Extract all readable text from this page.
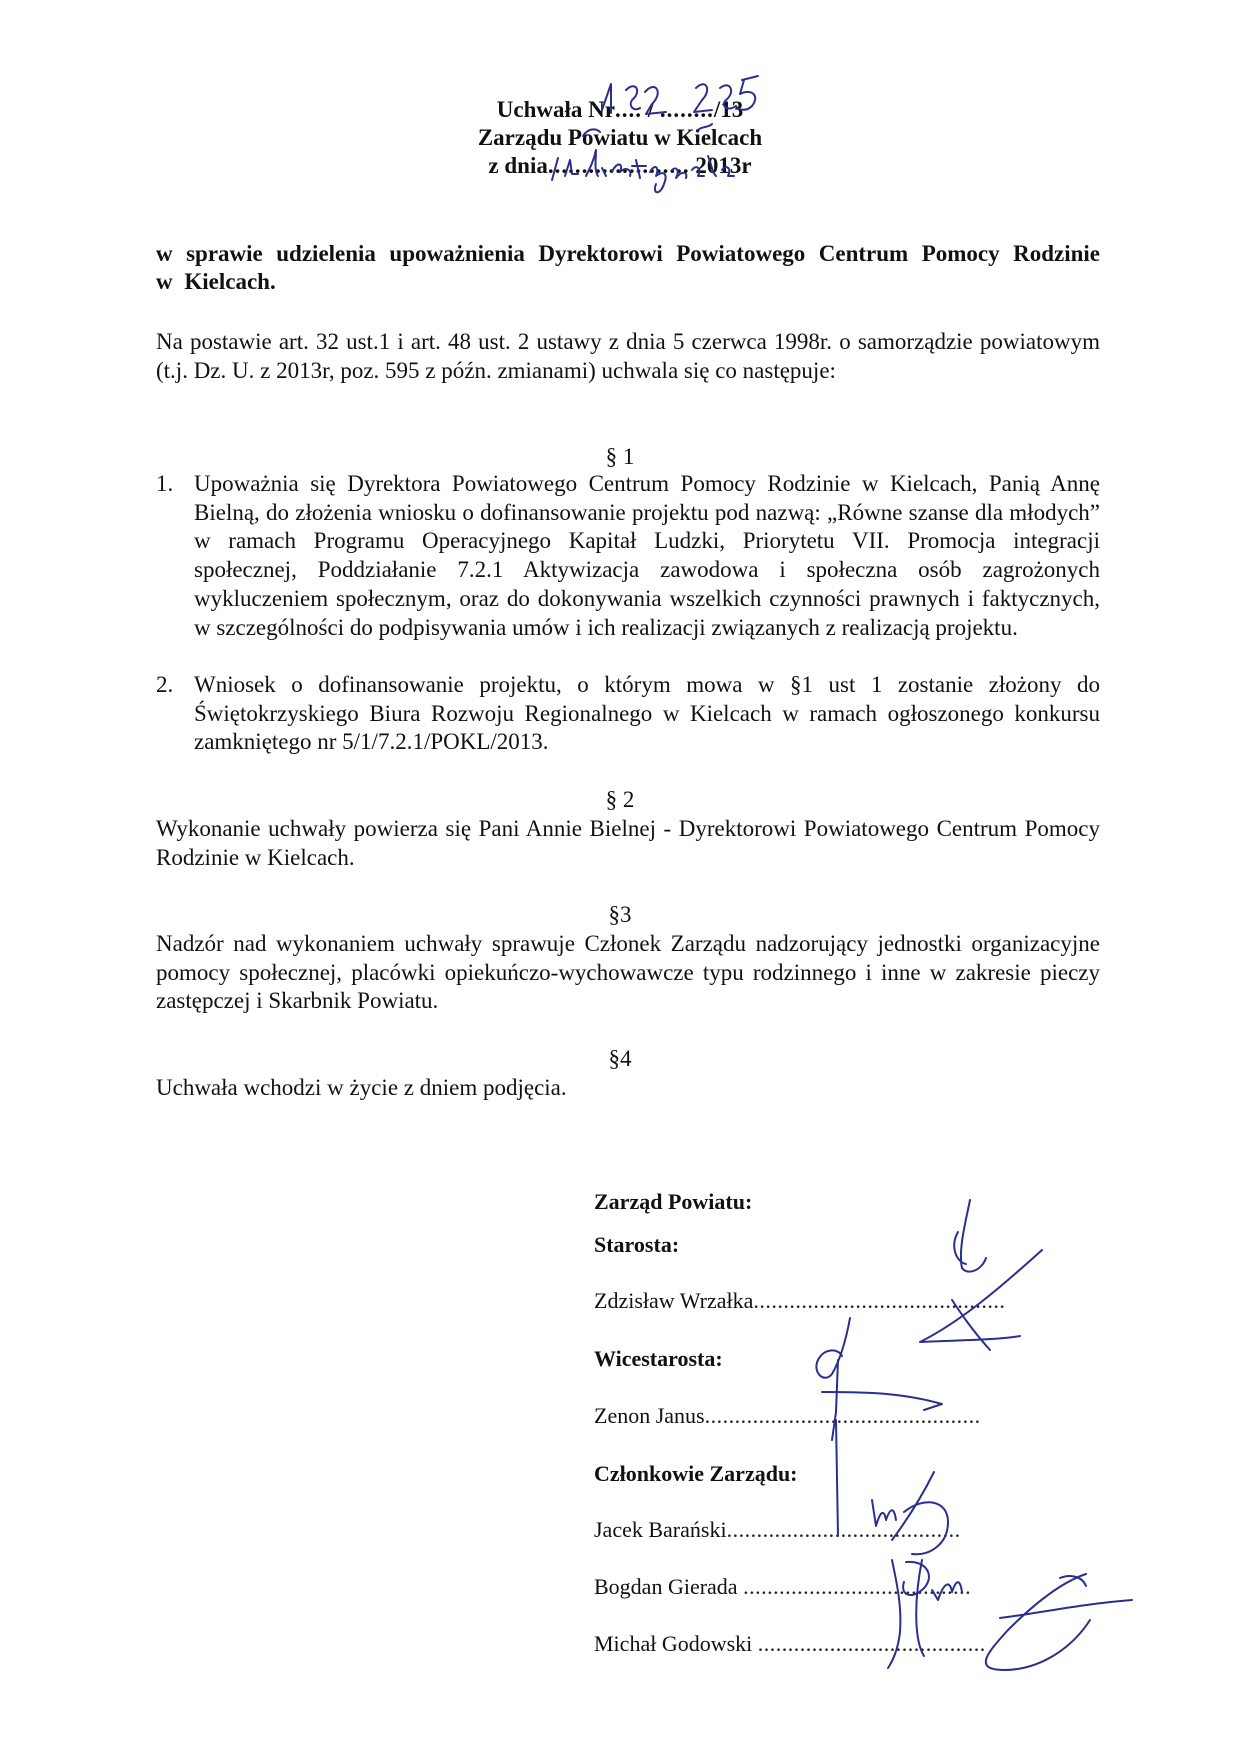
Uchwała Nr.... / ......../13
Zarządu Powiatu w Kielcach
z dnia..................... 2013r
w sprawie udzielenia upoważnienia Dyrektorowi Powiatowego Centrum Pomocy Rodzinie w Kielcach.
Na postawie art. 32 ust.1 i art. 48 ust. 2 ustawy z dnia 5 czerwca 1998r. o samorządzie powiatowym (t.j. Dz. U. z 2013r, poz. 595 z późn. zmianami) uchwala się co następuje:
§ 1
1. Upoważnia się Dyrektora Powiatowego Centrum Pomocy Rodzinie w Kielcach, Panią Annę Bielną, do złożenia wniosku o dofinansowanie projektu pod nazwą: „Równe szanse dla młodych” w ramach Programu Operacyjnego Kapitał Ludzki, Priorytetu VII. Promocja integracji społecznej, Poddziałanie 7.2.1 Aktywizacja zawodowa i społeczna osób zagrożonych wykluczeniem społecznym, oraz do dokonywania wszelkich czynności prawnych i faktycznych, w szczególności do podpisywania umów i ich realizacji związanych z realizacją projektu.
2. Wniosek o dofinansowanie projektu, o którym mowa w §1 ust 1 zostanie złożony do Świętokrzyskiego Biura Rozwoju Regionalnego w Kielcach w ramach ogłoszonego konkursu zamkniętego nr 5/1/7.2.1/POKL/2013.
§ 2
Wykonanie uchwały powierza się Pani Annie Bielnej - Dyrektorowi Powiatowego Centrum Pomocy Rodzinie w Kielcach.
§3
Nadzór nad wykonaniem uchwały sprawuje Członek Zarządu nadzorujący jednostki organizacyjne pomocy społecznej, placówki opiekuńczo-wychowawcze typu rodzinnego i inne w zakresie pieczy zastępczej i Skarbnik Powiatu.
§4
Uchwała wchodzi w życie z dniem podjęcia.
Zarząd Powiatu:
Starosta:
Zdzisław Wrzałka..........................................
Wicestarosta:
Zenon Janus..............................................
Członkowie Zarządu:
Jacek Barański.......................................
Bogdan Gierada ......................................
Michał Godowski ......................................
